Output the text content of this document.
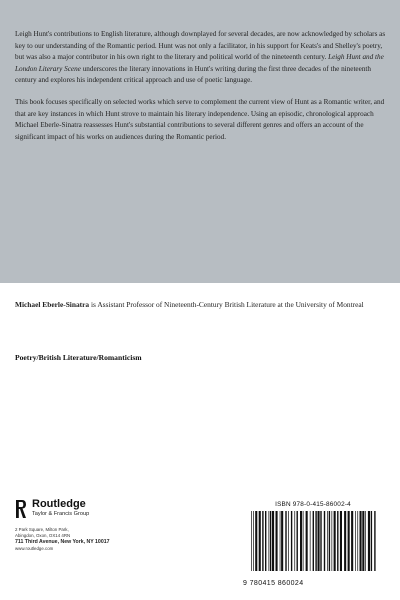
Leigh Hunt's contributions to English literature, although downplayed for several decades, are now acknowledged by scholars as key to our understanding of the Romantic period. Hunt was not only a facilitator, in his support for Keats's and Shelley's poetry, but was also a major contributor in his own right to the literary and political world of the nineteenth century. Leigh Hunt and the London Literary Scene underscores the literary innovations in Hunt's writing during the first three decades of the nineteenth century and explores his independent critical approach and use of poetic language.

This book focuses specifically on selected works which serve to complement the current view of Hunt as a Romantic writer, and that are key instances in which Hunt strove to maintain his literary independence. Using an episodic, chronological approach Michael Eberle-Sinatra reassesses Hunt's substantial contributions to several different genres and offers an account of the significant impact of his works on audiences during the Romantic period.

Michael Eberle-Sinatra is Assistant Professor of Nineteenth-Century British Literature at the University of Montreal
Poetry/British Literature/Romanticism
Routledge
Taylor & Francis Group
2 Park Square, Milton Park,
Abingdon, Oxon, OX14 4RN
711 Third Avenue, New York, NY 10017
www.routledge.com
ISBN 978-0-415-86002-4
9 780415 860024
